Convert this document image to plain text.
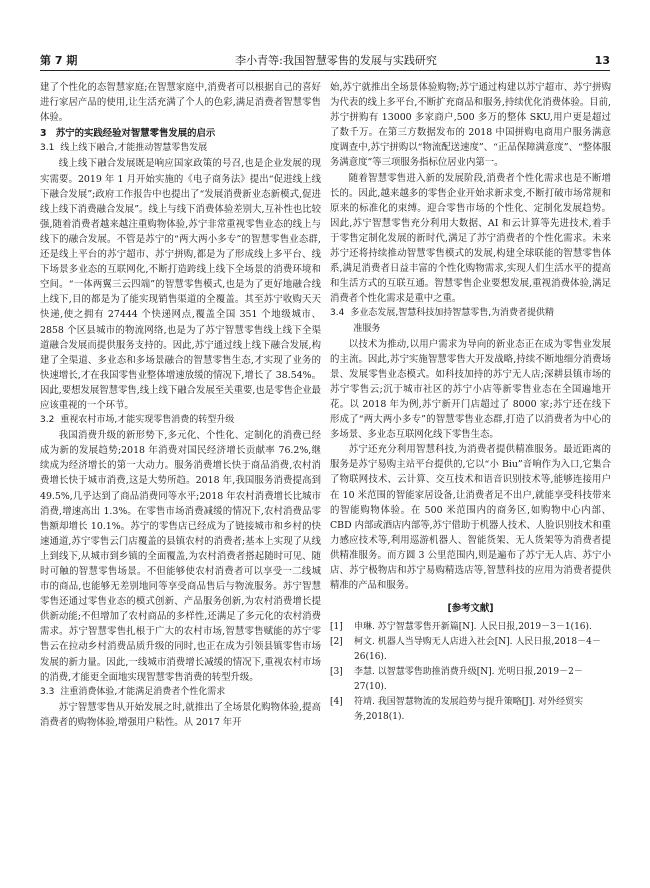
第 7 期	李小青等:我国智慧零售的发展与实践研究	13

建了个性化的态智慧家庭;在智慧家庭中,消费者可以根据自己的喜好进行家居产品的使用,让生活充满了个人的色彩,满足消费者智慧零售体验。

3　苏宁的实践经验对智慧零售发展的启示
3.1 线上线下融合,才能推动智慧零售发展

线上线下融合发展既是响应国家政策的号召,也是企业发展的现实需要。2019 年 1 月开始实施的《电子商务法》提出“促进线上线下融合发展”;政府工作报告中也提出了“发展消费新业态新模式,促进线上线下消费融合发展”。线上与线下消费体验差别大,互补性也比较强,随着消费者越来越注重购物体验,苏宁非常重视零售业态的线上与线下的融合发展。不管是苏宁的“两大两小多专”的智慧零售业态群,还是线上平台的苏宁超市、苏宁拼购,都是为了形成线上多平台、线下场景多业态的互联网化,不断打造跨线上线下全场景的消费环境和空间。“一体两翼三云四端”的智慧零售模式,也是为了更好地融合线上线下,目的都是为了能实现销售渠道的全覆盖。其至苏宁收购天天快递,使之拥有 27444 个快递网点,覆盖全国 351 个地级城市、2858 个区县城市的物流网络,也是为了苏宁智慧零售线上线下全渠道融合发展而提供服务支持的。因此,苏宁通过线上线下融合发展,构建了全渠道、多业态和多场景融合的智慧零售生态,才实现了业务的快速增长,才在我国零售业整体增速放缓的情况下,增长了 38.54%。因此,要想发展智慧零售,线上线下融合发展至关重要,也是零售企业最应该重视的一个环节。

3.2 重视农村市场,才能实现零售消费的转型升级

我国消费升级的新形势下,多元化、个性化、定制化的消费已经成为新的发展趋势;2018 年消费对国民经济增长贡献率 76.2%,继续成为经济增长的第一大动力。服务消费增长快于商品消费,农村消费增长快于城市消费,这是大势所趋。2018 年,我国服务消费提高到 49.5%,几乎达到了商品消费同等水平;2018 年农村消费增长比城市消费,增速高出 1.3%。在零售市场消费减缓的情况下,农村消费品零售额却增长 10.1%。苏宁的零售店已经成为了链接城市和乡村的快速通道,苏宁零售云门店覆盖的县镇农村的消费者;基本上实现了从线上到线下,从城市到乡镇的全面覆盖,为农村消费者搭起随时可见、随时可触的智慧零售场景。不但能够使农村消费者可以享受一二线城市的商品,也能够无差别地同等享受商品售后与物流服务。苏宁智慧零售还通过零售业态的模式创新、产品服务创新,为农村消费增长提供新动能;不但增加了农村商品的多样性,还满足了多元化的农村消费需求。苏宁智慧零售扎根于广大的农村市场,智慧零售赋能的苏宁零售云在拉动乡村消费品质升级的同时,也正在成为引领县镇零售市场发展的新力量。因此,一线城市消费增长减缓的情况下,重视农村市场的消费,才能更全面地实现智慧零售消费的转型升级。

3.3 注重消费体验,才能满足消费者个性化需求

苏宁智慧零售从开始发展之时,就推出了全场景化购物体验,提高消费者的购物体验,增强用户粘性。从 2017 年开

始,苏宁就推出全场景体验购物;苏宁通过构建以苏宁超市、苏宁拼购为代表的线上多平台,不断扩充商品和服务,持续优化消费体验。目前,苏宁拼购有 13000 多家商户,500 多万的整体 SKU,用户更是超过了数千万。在第三方数据发布的 2018 中国拼购电商用户服务满意度调查中,苏宁拼购以“物流配送速度”、“正品保障满意度”、“整体服务满意度”等三项服务指标位居业内第一。

随着智慧零售进入新的发展阶段,消费者个性化需求也是不断增长的。因此,越来越多的零售企业开始求新求变,不断打破市场常规和原来的标准化的束缚。迎合零售市场的个性化、定制化发展趋势。因此,苏宁智慧零售充分利用大数据、AI 和云计算等先进技术,着手于零售定制化发展的新时代,满足了苏宁消费者的个性化需求。未来苏宁还将持续推动智慧零售模式的发展,构建全球联能的智慧零售体系,满足消费者日益丰富的个性化购物需求,实现人们生活水平的提高和生活方式的互联互通。智慧零售企业要想发展,重视消费体验,满足消费者个性化需求是重中之重。

3.4 多业态发展,智慧科技加持智慧零售,为消费者提供精
准服务

以技术为推动,以用户需求为导向的新业态正在成为零售业发展的主流。因此,苏宁实施智慧零售大开发战略,持续不断地细分消费场景、发展零售业态模式。如科技加持的苏宁无人店;深耕县镇市场的苏宁零售云;沉于城市社区的苏宁小店等新零售业态在全国遍地开花。以 2018 年为例,苏宁新开门店超过了 8000 家;苏宁还在线下形成了“两大两小多专”的智慧零售业态群,打造了以消费者为中心的多场景、多业态互联网化线下零售生态。

苏宁还充分利用智慧科技,为消费者提供精准服务。最近距离的服务是苏宁易购主站平台提供的,它以“小 Biu”音响作为入口,它集合了物联网技术、云计算、交互技术和语音识别技术等,能够连接用户在 10 米范围的智能家居设备,让消费者足不出户,就能享受科技带来的智能购物体验。在 500 米范围内的商务区,如购物中心内部、CBD 内部或酒店内部等,苏宁借助于机器人技术、人脸识别技术和重力感应技术等,利用巡游机器人、智能货架、无人货架等为消费者提供精准服务。而方圆 3 公里范围内,则是遍布了苏宁无人店、苏宁小店、苏宁极物店和苏宁易购精选店等,智慧科技的应用为消费者提供精准的产品和服务。

[参考文献]
[1]	申琳. 苏宁智慧零售开新篇[N]. 人民日报,2019－3－1(16).
[2]	柯文. 机器人当导购无人店进入社会[N]. 人民日报,2018－4－26(16).
[3]	李慧. 以智慧零售助推消费升级[N]. 光明日报,2019－2－27(10).
[4]	符靖. 我国智慧物流的发展趋势与提升策略[J]. 对外经贸实务,2018(1).
